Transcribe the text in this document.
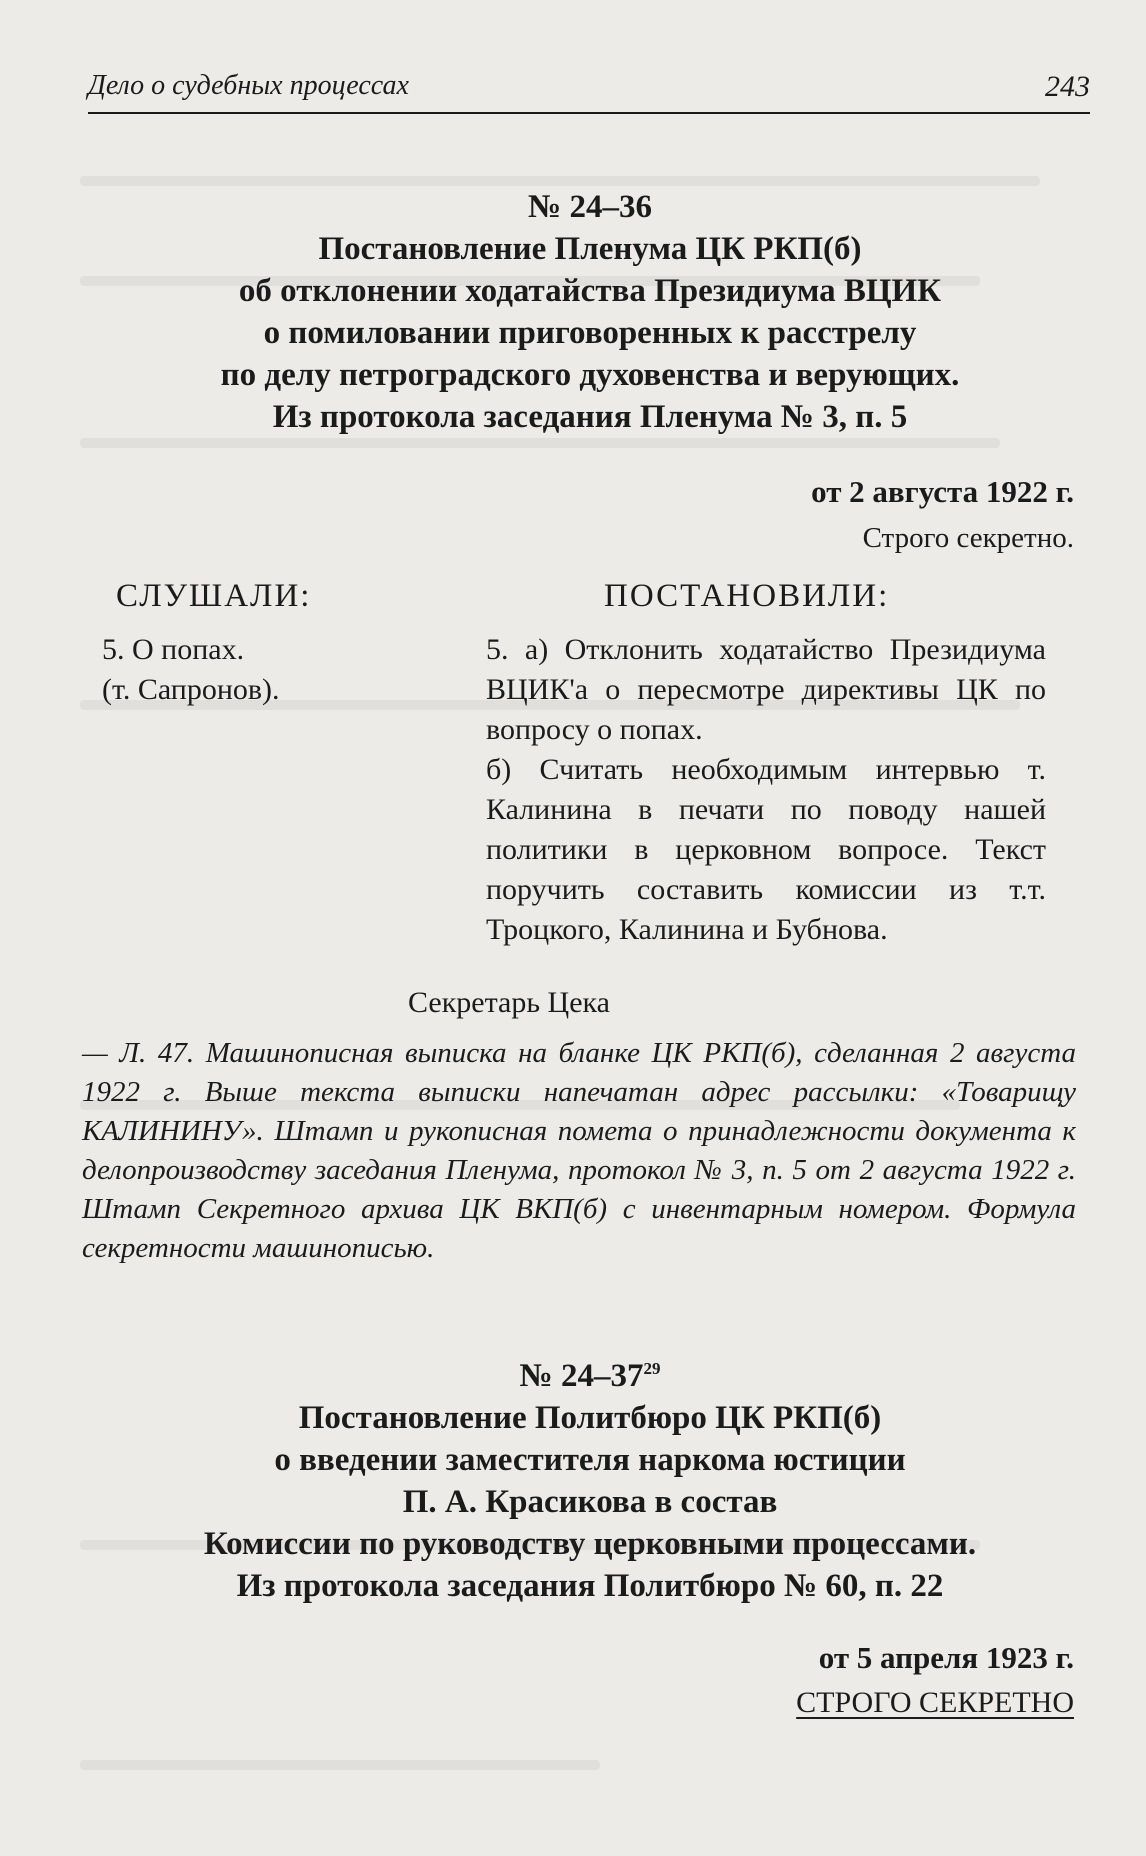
Дело о судебных процессах	243
№ 24–36
Постановление Пленума ЦК РКП(б)
об отклонении ходатайства Президиума ВЦИК
о помиловании приговоренных к расстрелу
по делу петроградского духовенства и верующих.
Из протокола заседания Пленума № 3, п. 5
от 2 августа 1922 г.
Строго секретно.
СЛУШАЛИ:	ПОСТАНОВИЛИ:
5. О попах.
(т. Сапронов).

5. а) Отклонить ходатайство Президиума ВЦИК'а о пересмотре директивы ЦК по вопросу о попах.

б) Считать необходимым интервью т. Калинина в печати по поводу нашей политики в церковном вопросе. Текст поручить составить комиссии из т.т. Троцкого, Калинина и Бубнова.

Секретарь Цека
— Л. 47. Машинописная выписка на бланке ЦК РКП(б), сделанная 2 августа 1922 г. Выше текста выписки напечатан адрес рассылки: «Товарищу КАЛИНИНУ». Штамп и рукописная помета о принадлежности документа к делопроизводству заседания Пленума, протокол № 3, п. 5 от 2 августа 1922 г. Штамп Секретного архива ЦК ВКП(б) с инвентарным номером. Формула секретности машинописью.
№ $24-37^{29}$
Постановление Политбюро ЦК РКП(б)
о введении заместителя наркома юстиции
П. А. Красикова в состав
Комиссии по руководству церковными процессами.
Из протокола заседания Политбюро № 60, п. 22
от 5 апреля 1923 г.
СТРОГО СЕКРЕТНО
